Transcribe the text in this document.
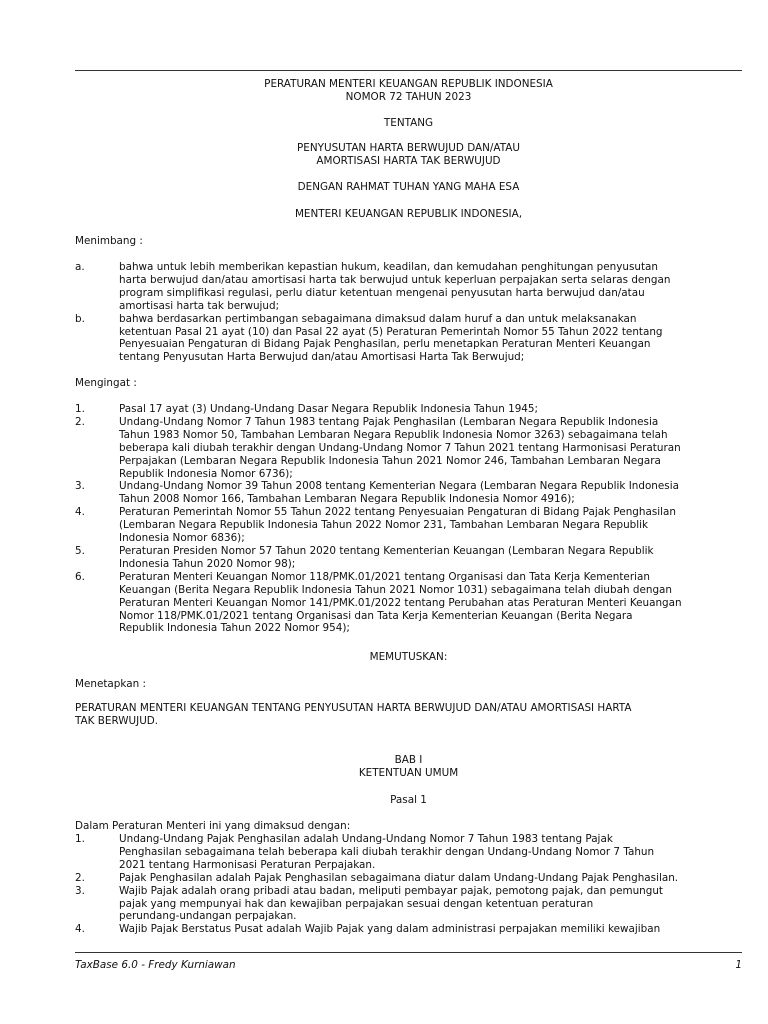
PERATURAN MENTERI KEUANGAN REPUBLIK INDONESIA
NOMOR 72 TAHUN 2023
TENTANG
PENYUSUTAN HARTA BERWUJUD DAN/ATAU
AMORTISASI HARTA TAK BERWUJUD
DENGAN RAHMAT TUHAN YANG MAHA ESA
MENTERI KEUANGAN REPUBLIK INDONESIA,
Menimbang :
a.	bahwa untuk lebih memberikan kepastian hukum, keadilan, dan kemudahan penghitungan penyusutan
harta berwujud dan/atau amortisasi harta tak berwujud untuk keperluan perpajakan serta selaras dengan
program simplifikasi regulasi, perlu diatur ketentuan mengenai penyusutan harta berwujud dan/atau
amortisasi harta tak berwujud;
b.	bahwa berdasarkan pertimbangan sebagaimana dimaksud dalam huruf a dan untuk melaksanakan
ketentuan Pasal 21 ayat (10) dan Pasal 22 ayat (5) Peraturan Pemerintah Nomor 55 Tahun 2022 tentang
Penyesuaian Pengaturan di Bidang Pajak Penghasilan, perlu menetapkan Peraturan Menteri Keuangan
tentang Penyusutan Harta Berwujud dan/atau Amortisasi Harta Tak Berwujud;
Mengingat :
1.	Pasal 17 ayat (3) Undang-Undang Dasar Negara Republik Indonesia Tahun 1945;
2.	Undang-Undang Nomor 7 Tahun 1983 tentang Pajak Penghasilan (Lembaran Negara Republik Indonesia
Tahun 1983 Nomor 50, Tambahan Lembaran Negara Republik Indonesia Nomor 3263) sebagaimana telah
beberapa kali diubah terakhir dengan Undang-Undang Nomor 7 Tahun 2021 tentang Harmonisasi Peraturan
Perpajakan (Lembaran Negara Republik Indonesia Tahun 2021 Nomor 246, Tambahan Lembaran Negara
Republik Indonesia Nomor 6736);
3.	Undang-Undang Nomor 39 Tahun 2008 tentang Kementerian Negara (Lembaran Negara Republik Indonesia
Tahun 2008 Nomor 166, Tambahan Lembaran Negara Republik Indonesia Nomor 4916);
4.	Peraturan Pemerintah Nomor 55 Tahun 2022 tentang Penyesuaian Pengaturan di Bidang Pajak Penghasilan
(Lembaran Negara Republik Indonesia Tahun 2022 Nomor 231, Tambahan Lembaran Negara Republik
Indonesia Nomor 6836);
5.	Peraturan Presiden Nomor 57 Tahun 2020 tentang Kementerian Keuangan (Lembaran Negara Republik
Indonesia Tahun 2020 Nomor 98);
6.	Peraturan Menteri Keuangan Nomor 118/PMK.01/2021 tentang Organisasi dan Tata Kerja Kementerian
Keuangan (Berita Negara Republik Indonesia Tahun 2021 Nomor 1031) sebagaimana telah diubah dengan
Peraturan Menteri Keuangan Nomor 141/PMK.01/2022 tentang Perubahan atas Peraturan Menteri Keuangan
Nomor 118/PMK.01/2021 tentang Organisasi dan Tata Kerja Kementerian Keuangan (Berita Negara
Republik Indonesia Tahun 2022 Nomor 954);
MEMUTUSKAN:
Menetapkan :
PERATURAN MENTERI KEUANGAN TENTANG PENYUSUTAN HARTA BERWUJUD DAN/ATAU AMORTISASI HARTA
TAK BERWUJUD.
BAB I
KETENTUAN UMUM
Pasal 1
Dalam Peraturan Menteri ini yang dimaksud dengan:
1.	Undang-Undang Pajak Penghasilan adalah Undang-Undang Nomor 7 Tahun 1983 tentang Pajak
Penghasilan sebagaimana telah beberapa kali diubah terakhir dengan Undang-Undang Nomor 7 Tahun
2021 tentang Harmonisasi Peraturan Perpajakan.
2.	Pajak Penghasilan adalah Pajak Penghasilan sebagaimana diatur dalam Undang-Undang Pajak Penghasilan.
3.	Wajib Pajak adalah orang pribadi atau badan, meliputi pembayar pajak, pemotong pajak, dan pemungut
pajak yang mempunyai hak dan kewajiban perpajakan sesuai dengan ketentuan peraturan
perundang-undangan perpajakan.
4.	Wajib Pajak Berstatus Pusat adalah Wajib Pajak yang dalam administrasi perpajakan memiliki kewajiban
TaxBase 6.0 - Fredy Kurniawan	1
